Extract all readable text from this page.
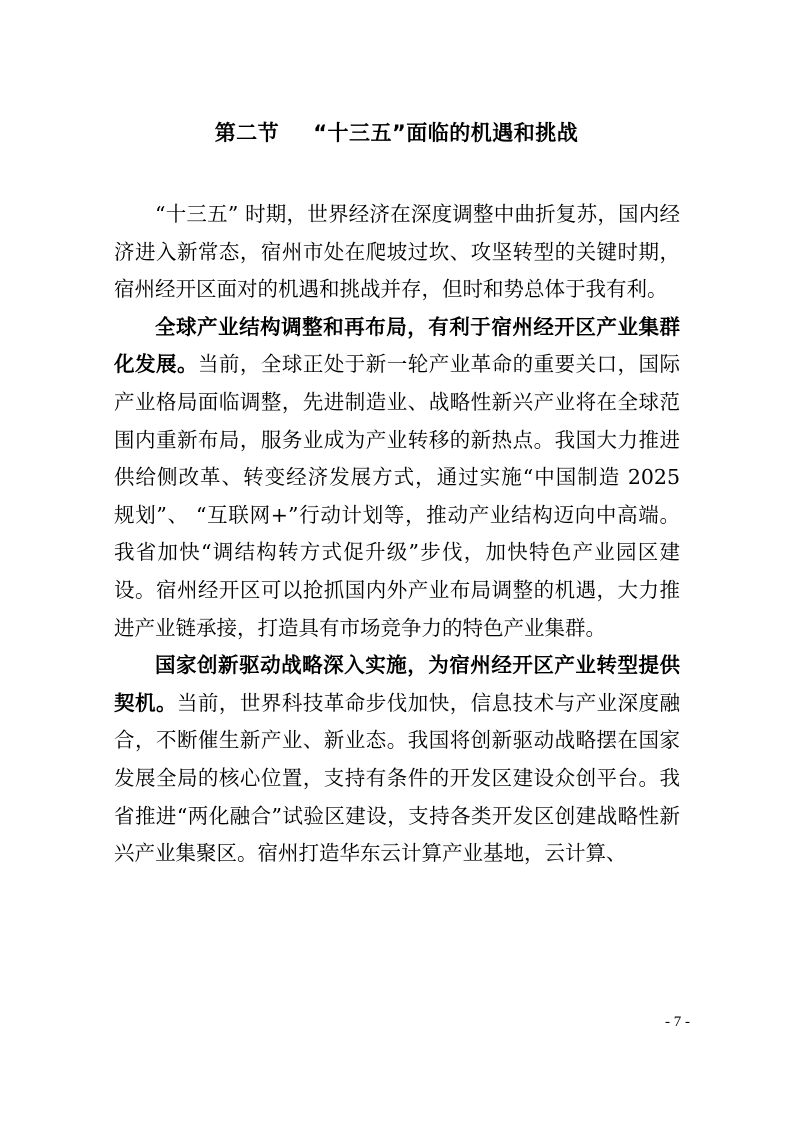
第二节 “十三五”面临的机遇和挑战

“十三五” 时期，世界经济在深度调整中曲折复苏，国内经济进入新常态，宿州市处在爬坡过坎、攻坚转型的关键时期，宿州经开区面对的机遇和挑战并存，但时和势总体于我有利。

全球产业结构调整和再布局，有利于宿州经开区产业集群化发展。当前，全球正处于新一轮产业革命的重要关口，国际产业格局面临调整，先进制造业、战略性新兴产业将在全球范围内重新布局，服务业成为产业转移的新热点。我国大力推进供给侧改革、转变经济发展方式，通过实施“中国制造 2025 规划”、 “互联网+”行动计划等，推动产业结构迈向中高端。我省加快“调结构转方式促升级”步伐，加快特色产业园区建设。宿州经开区可以抢抓国内外产业布局调整的机遇，大力推进产业链承接，打造具有市场竞争力的特色产业集群。

国家创新驱动战略深入实施，为宿州经开区产业转型提供契机。当前，世界科技革命步伐加快，信息技术与产业深度融合，不断催生新产业、新业态。我国将创新驱动战略摆在国家发展全局的核心位置，支持有条件的开发区建设众创平台。我省推进“两化融合”试验区建设，支持各类开发区创建战略性新兴产业集聚区。宿州打造华东云计算产业基地，云计算、

- 7 -
